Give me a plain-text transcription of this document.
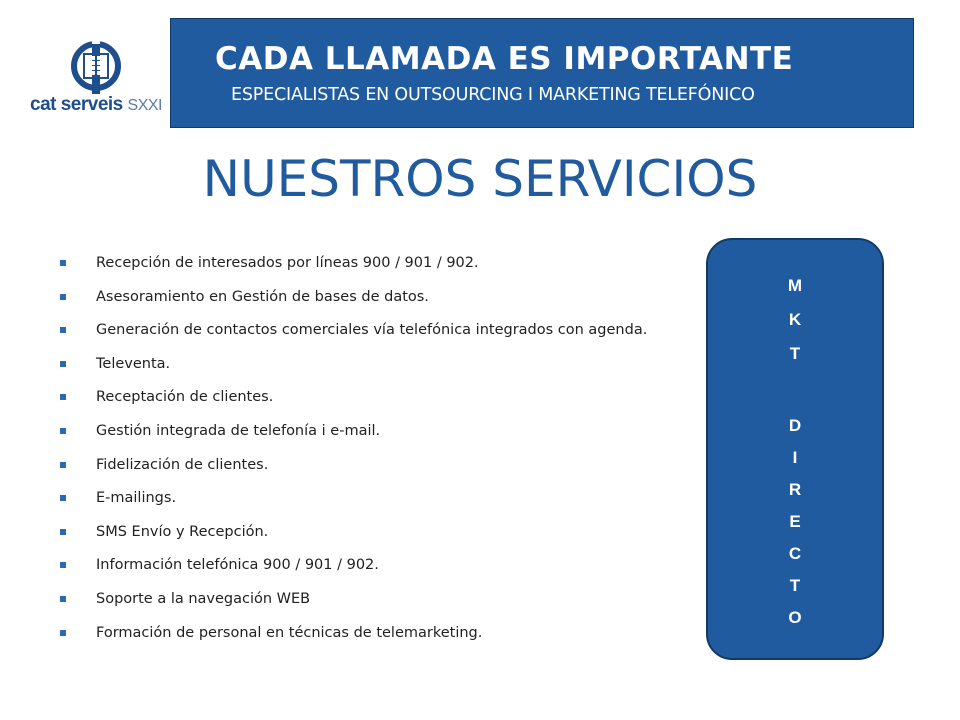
cat serveis SXXI
CADA LLAMADA ES IMPORTANTE
ESPECIALISTAS EN OUTSOURCING I MARKETING TELEFÓNICO
NUESTROS SERVICIOS
Recepción de interesados por líneas 900 / 901 / 902.
Asesoramiento en Gestión de bases de datos.
Generación de contactos comerciales vía telefónica integrados con agenda.
Televenta.
Receptación de clientes.
Gestión integrada de telefonía i e-mail.
Fidelización de clientes.
E-mailings.
SMS Envío y Recepción.
Información telefónica 900 / 901 / 902.
Soporte a la navegación WEB
Formación de personal en técnicas de telemarketing.
M
K
T
D
I
R
E
C
T
O
